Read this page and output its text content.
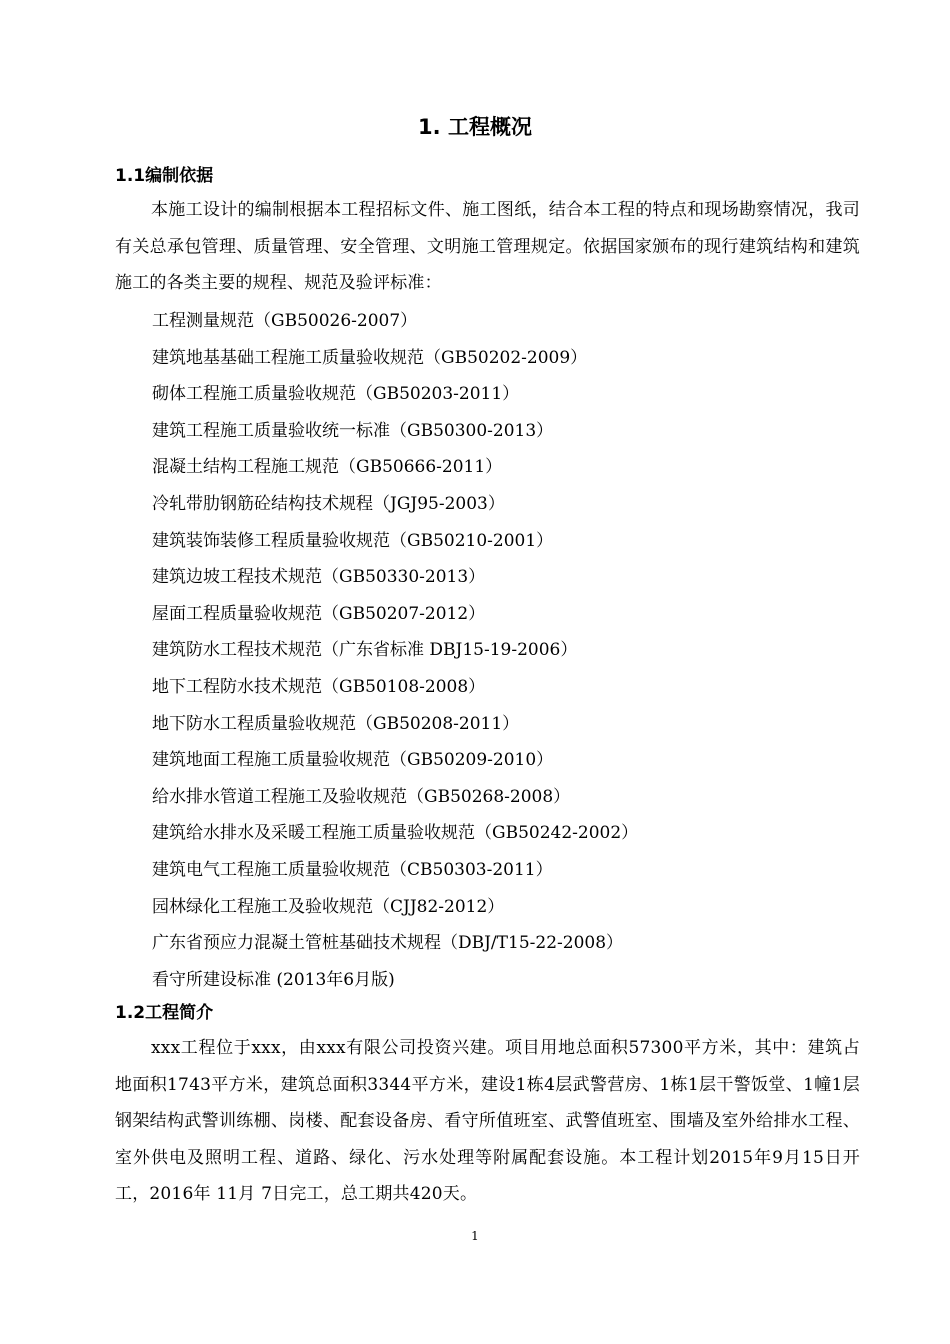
1. 工程概况
1.1编制依据
本施工设计的编制根据本工程招标文件、施工图纸，结合本工程的特点和现场勘察情况，我司有关总承包管理、质量管理、安全管理、文明施工管理规定。依据国家颁布的现行建筑结构和建筑施工的各类主要的规程、规范及验评标准：
工程测量规范（GB50026-2007）
建筑地基基础工程施工质量验收规范（GB50202-2009）
砌体工程施工质量验收规范（GB50203-2011）
建筑工程施工质量验收统一标准（GB50300-2013）
混凝土结构工程施工规范（GB50666-2011）
冷轧带肋钢筋砼结构技术规程（JGJ95-2003）
建筑装饰装修工程质量验收规范（GB50210-2001）
建筑边坡工程技术规范（GB50330-2013）
屋面工程质量验收规范（GB50207-2012）
建筑防水工程技术规范（广东省标准 DBJ15-19-2006）
地下工程防水技术规范（GB50108-2008）
地下防水工程质量验收规范（GB50208-2011）
建筑地面工程施工质量验收规范（GB50209-2010）
给水排水管道工程施工及验收规范（GB50268-2008）
建筑给水排水及采暖工程施工质量验收规范（GB50242-2002）
建筑电气工程施工质量验收规范（CB50303-2011）
园林绿化工程施工及验收规范（CJJ82-2012）
广东省预应力混凝土管桩基础技术规程（DBJ/T15-22-2008）
看守所建设标准 (2013年6月版)
1.2工程简介
xxx工程位于xxx，由xxx有限公司投资兴建。项目用地总面积57300平方米，其中：建筑占地面积1743平方米，建筑总面积3344平方米，建设1栋4层武警营房、1栋1层干警饭堂、1幢1层钢架结构武警训练棚、岗楼、配套设备房、看守所值班室、武警值班室、围墙及室外给排水工程、室外供电及照明工程、道路、绿化、污水处理等附属配套设施。本工程计划2015年9月15日开工，2016年 11月 7日完工，总工期共420天。
1
